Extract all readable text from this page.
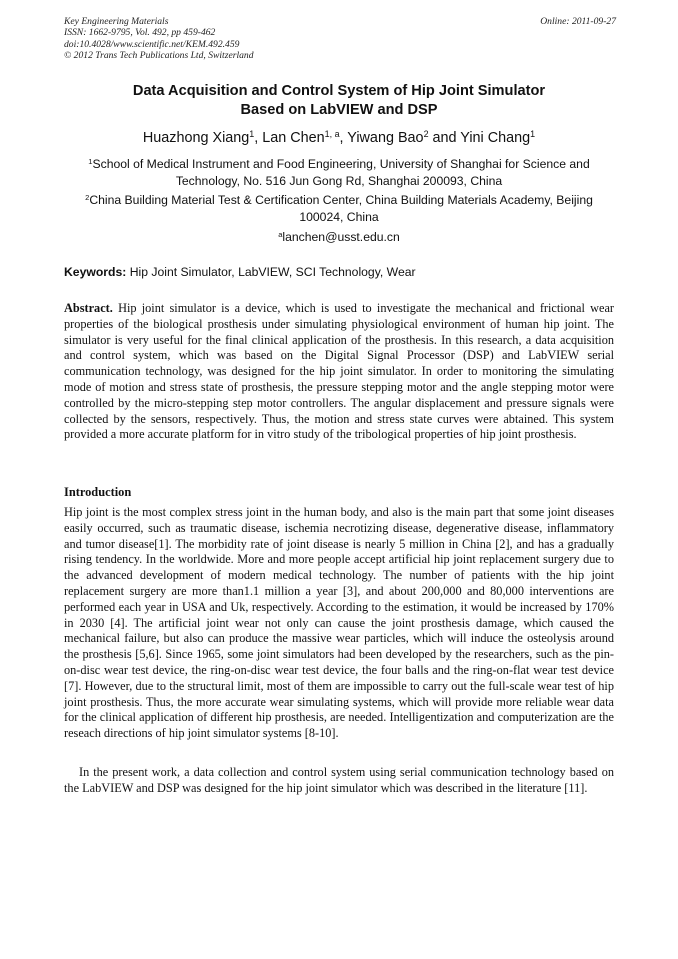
Key Engineering Materials
ISSN: 1662-9795, Vol. 492, pp 459-462
doi:10.4028/www.scientific.net/KEM.492.459
© 2012 Trans Tech Publications Ltd, Switzerland
Online: 2011-09-27
Data Acquisition and Control System of Hip Joint Simulator
Based on LabVIEW and DSP
Huazhong Xiang$^1$, Lan Chen$^{1, a}$, Yiwang Bao$^2$ and Yini Chang$^1$
$^1$School of Medical Instrument and Food Engineering, University of Shanghai for Science and Technology, No. 516 Jun Gong Rd, Shanghai 200093, China
$^2$China Building Material Test & Certification Center, China Building Materials Academy, Beijing 100024, China
$^a$lanchen@usst.edu.cn
Keywords: Hip Joint Simulator, LabVIEW, SCI Technology, Wear
Abstract. Hip joint simulator is a device, which is used to investigate the mechanical and frictional wear properties of the biological prosthesis under simulating physiological environment of human hip joint. The simulator is very useful for the final clinical application of the prosthesis. In this research, a data acquisition and control system, which was based on the Digital Signal Processor (DSP) and LabVIEW serial communication technology, was designed for the hip joint simulator. In order to monitoring the simulating mode of motion and stress state of prosthesis, the pressure stepping motor and the angle stepping motor were controlled by the micro-stepping step motor controllers. The angular displacement and pressure signals were collected by the sensors, respectively. Thus, the motion and stress state curves were abtained. This system provided a more accurate platform for in vitro study of the tribological properties of hip joint prosthesis.
Introduction
Hip joint is the most complex stress joint in the human body, and also is the main part that some joint diseases easily occurred, such as traumatic disease, ischemia necrotizing disease, degenerative disease, inflammatory and tumor disease[1]. The morbidity rate of joint disease is nearly 5 million in China [2], and has a gradually rising tendency. In the worldwide. More and more people accept artificial hip joint replacement surgery due to the advanced development of modern medical technology. The number of patients with the hip joint replacement surgery are more than1.1 million a year [3], and about 200,000 and 80,000 interventions are performed each year in USA and Uk, respectively. According to the estimation, it would be increased by 170% in 2030 [4]. The artificial joint wear not only can cause the joint prosthesis damage, which caused the mechanical failure, but also can produce the massive wear particles, which will induce the osteolysis around the prosthesis [5,6]. Since 1965, some joint simulators had been developed by the researchers, such as the pin-on-disc wear test device, the ring-on-disc wear test device, the four balls and the ring-on-flat wear test device [7]. However, due to the structural limit, most of them are impossible to carry out the full-scale wear test of hip joint prosthesis. Thus, the more accurate wear simulating systems, which will provide more reliable wear data for the clinical application of different hip prosthesis, are needed. Intelligentization and computerization are the reseach directions of hip joint simulator systems [8-10].
In the present work, a data collection and control system using serial communication technology based on the LabVIEW and DSP was designed for the hip joint simulator which was described in the literature [11].
